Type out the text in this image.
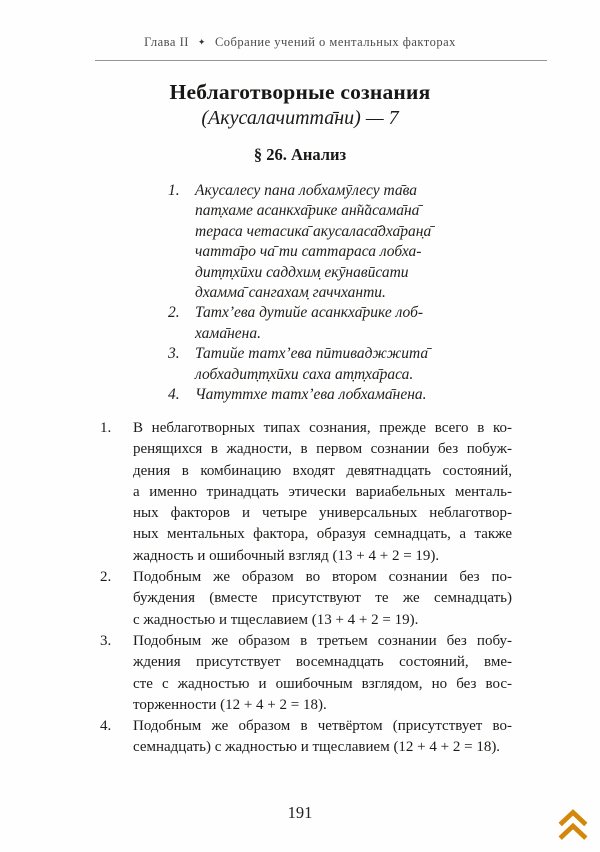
Глава II ✦ Собрание учений о ментальных факторах
Неблаготворные сознания
(Акусалачитта̄ни) — 7
§ 26. Анализ
1. Акусалесу пана лобхамӯлесу та̄ва
пат̣хаме асанкха̄рике ан̃н̃асама̄на̄
тераса четасика̄ акусаласа̄дха̄ран̣а̄
чатта̄ро ча̄ ти саттараса лобха-
дит̣т̣хӣхи саддхим̣ екӯнавӣсати
дхамма̄ сангахам̣ гаччханти.
2. Татх’ева дутийе асанкха̄рике лоб-
хама̄нена.
3. Татийе татх’ева пӣтиваджжита̄
лобхадит̣т̣хӣхи саха ат̣т̣ха̄раса.
4. Чатуттхе татх’ева лобхама̄нена.
1.	В неблаготворных типах сознания, прежде всего в ко-
ренящихся в жадности, в первом сознании без побуж-
дения в комбинацию входят девятнадцать состояний,
а именно тринадцать этически вариабельных менталь-
ных факторов и четыре универсальных неблаготвор-
ных ментальных фактора, образуя семнадцать, а также
жадность и ошибочный взгляд (13 + 4 + 2 = 19).
2.	Подобным же образом во втором сознании без по-
буждения (вместе присутствуют те же семнадцать)
с жадностью и тщеславием (13 + 4 + 2 = 19).
3.	Подобным же образом в третьем сознании без побу-
ждения присутствует восемнадцать состояний, вме-
сте с жадностью и ошибочным взглядом, но без вос-
торженности (12 + 4 + 2 = 18).
4.	Подобным же образом в четвёртом (присутствует во-
семнадцать) с жадностью и тщеславием (12 + 4 + 2 = 18).
191
